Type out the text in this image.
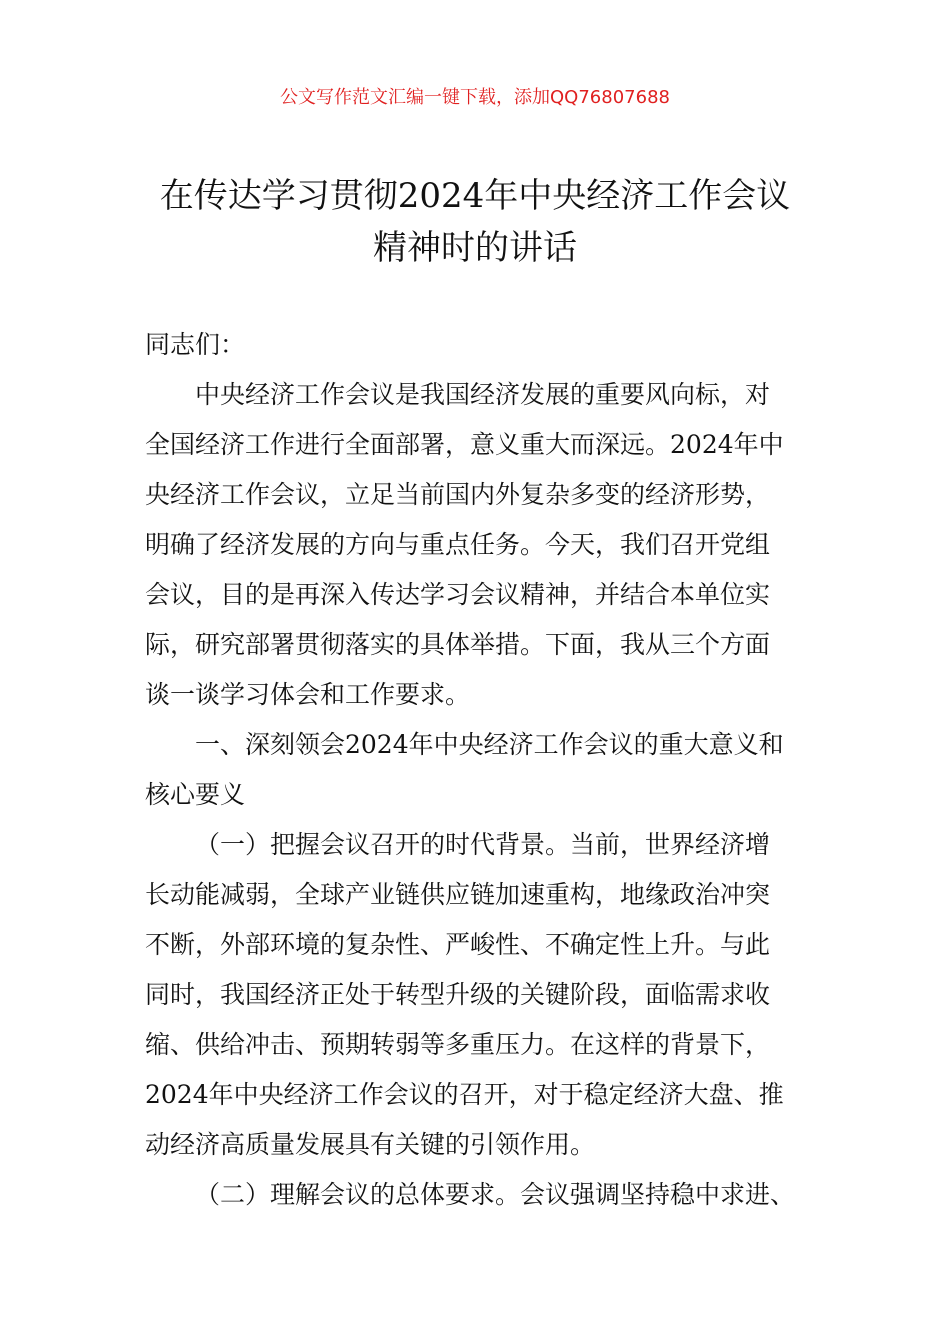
公文写作范文汇编一键下载，添加QQ76807688
在传达学习贯彻2024年中央经济工作会议
精神时的讲话

同志们：

中央经济工作会议是我国经济发展的重要风向标，对
全国经济工作进行全面部署，意义重大而深远。2024年中
央经济工作会议，立足当前国内外复杂多变的经济形势，
明确了经济发展的方向与重点任务。今天，我们召开党组
会议，目的是再深入传达学习会议精神，并结合本单位实
际，研究部署贯彻落实的具体举措。下面，我从三个方面
谈一谈学习体会和工作要求。

一、深刻领会2024年中央经济工作会议的重大意义和
核心要义

（一）把握会议召开的时代背景。当前，世界经济增
长动能减弱，全球产业链供应链加速重构，地缘政治冲突
不断，外部环境的复杂性、严峻性、不确定性上升。与此
同时，我国经济正处于转型升级的关键阶段，面临需求收
缩、供给冲击、预期转弱等多重压力。在这样的背景下，
2024年中央经济工作会议的召开，对于稳定经济大盘、推
动经济高质量发展具有关键的引领作用。

（二）理解会议的总体要求。会议强调坚持稳中求进、
